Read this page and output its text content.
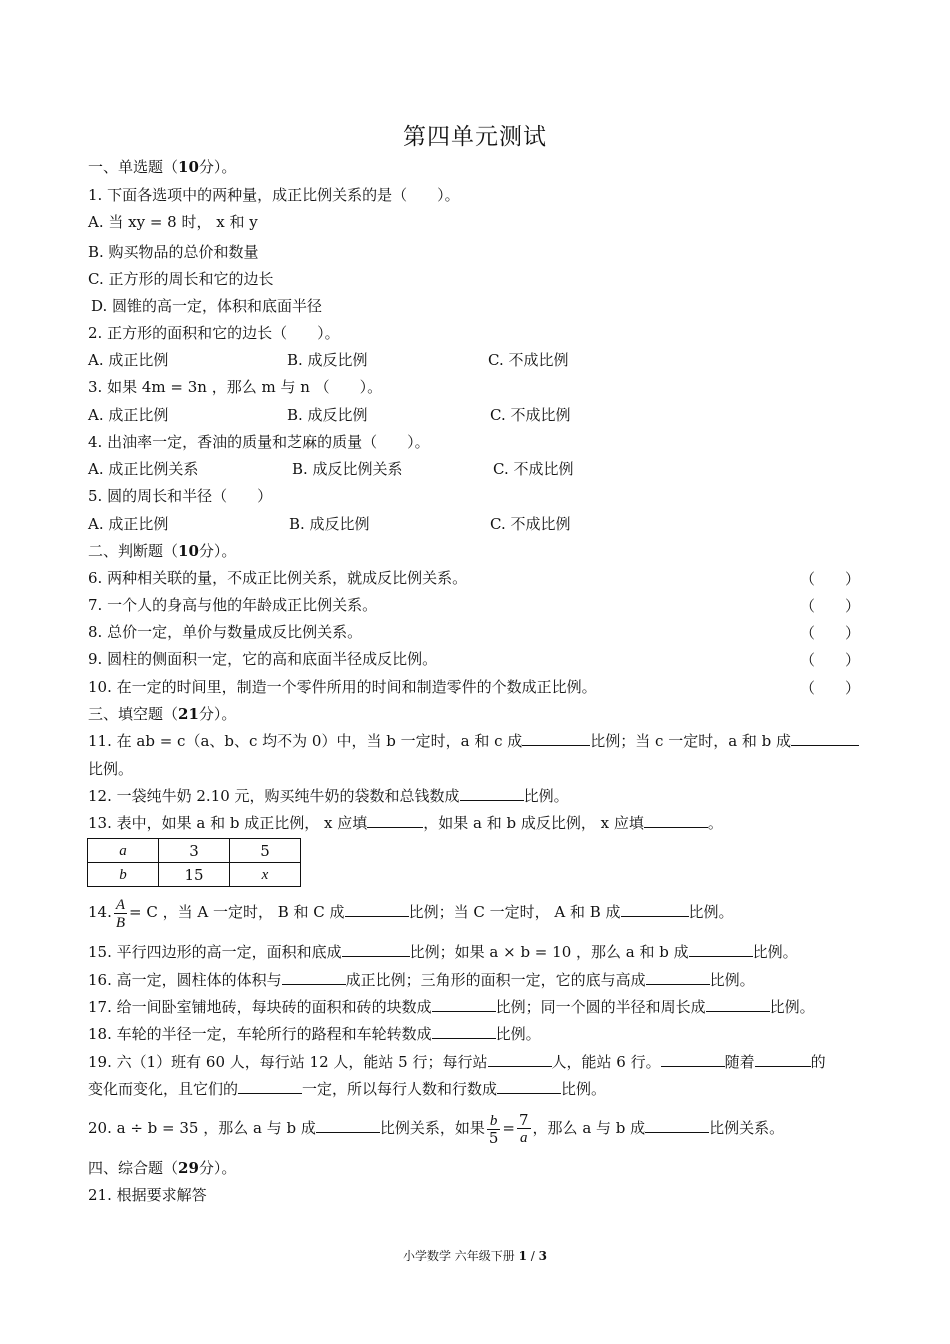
第四单元测试
一、单选题（10分）。
1. 下面各选项中的两种量，成正比例关系的是（　　）。
A. 当 xy = 8 时， x 和 y
B. 购买物品的总价和数量
C. 正方形的周长和它的边长
D. 圆锥的高一定，体积和底面半径
2. 正方形的面积和它的边长（　　）。
A. 成正比例	B. 成反比例	C. 不成比例
3. 如果 4m = 3n ，那么 m 与 n （　　）。
A. 成正比例	B. 成反比例	C. 不成比例
4. 出油率一定，香油的质量和芝麻的质量（　　）。
A. 成正比例关系	B. 成反比例关系	C. 不成比例
5. 圆的周长和半径（　　）
A. 成正比例	B. 成反比例	C. 不成比例
二、判断题（10分）。
6. 两种相关联的量，不成正比例关系，就成反比例关系。	（　　）
7. 一个人的身高与他的年龄成正比例关系。	（　　）
8. 总价一定，单价与数量成反比例关系。	（　　）
9. 圆柱的侧面积一定，它的高和底面半径成反比例。	（　　）
10. 在一定的时间里，制造一个零件所用的时间和制造零件的个数成正比例。	（　　）
三、填空题（21分）。
11. 在 ab = c（a、b、c 均不为 0）中，当 b 一定时，a 和 c 成	比例；当 c 一定时，a 和 b 成
比例。
12. 一袋纯牛奶 2.10 元，购买纯牛奶的袋数和总钱数成	比例。
13. 表中，如果 a 和 b 成正比例， x 应填	，如果 a 和 b 成反比例， x 应填	。
a	3	5
b	15	x
14. $\frac{A}{B} = C$ ，当 A 一定时， B 和 C 成	比例；当 C 一定时， A 和 B 成	比例。
15. 平行四边形的高一定，面积和底成	比例；如果 a × b = 10 ，那么 a 和 b 成	比例。
16. 高一定，圆柱体的体积与	成正比例；三角形的面积一定，它的底与高成	比例。
17. 给一间卧室铺地砖，每块砖的面积和砖的块数成	比例；同一个圆的半径和周长成	比例。
18. 车轮的半径一定，车轮所行的路程和车轮转数成	比例。
19. 六（1）班有 60 人，每行站 12 人，能站 5 行；每行站	人，能站 6 行。	随着	的
变化而变化，且它们的	一定，所以每行人数和行数成	比例。
20. a ÷ b = 35 ，那么 a 与 b 成	比例关系，如果 $\frac{b}{5} = \frac{7}{a}$ ，那么 a 与 b 成	比例关系。
四、综合题（29分）。
21. 根据要求解答
小学数学 六年级下册 1 / 3
